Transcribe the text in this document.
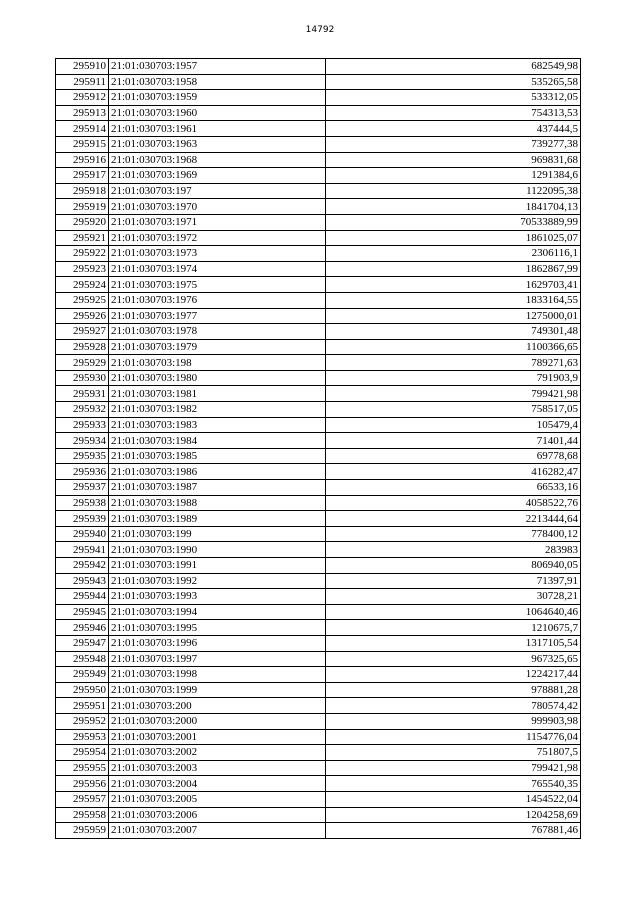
14792
295910	21:01:030703:1957	682549,98
295911	21:01:030703:1958	535265,58
295912	21:01:030703:1959	533312,05
295913	21:01:030703:1960	754313,53
295914	21:01:030703:1961	437444,5
295915	21:01:030703:1963	739277,38
295916	21:01:030703:1968	969831,68
295917	21:01:030703:1969	1291384,6
295918	21:01:030703:197	1122095,38
295919	21:01:030703:1970	1841704,13
295920	21:01:030703:1971	70533889,99
295921	21:01:030703:1972	1861025,07
295922	21:01:030703:1973	2306116,1
295923	21:01:030703:1974	1862867,99
295924	21:01:030703:1975	1629703,41
295925	21:01:030703:1976	1833164,55
295926	21:01:030703:1977	1275000,01
295927	21:01:030703:1978	749301,48
295928	21:01:030703:1979	1100366,65
295929	21:01:030703:198	789271,63
295930	21:01:030703:1980	791903,9
295931	21:01:030703:1981	799421,98
295932	21:01:030703:1982	758517,05
295933	21:01:030703:1983	105479,4
295934	21:01:030703:1984	71401,44
295935	21:01:030703:1985	69778,68
295936	21:01:030703:1986	416282,47
295937	21:01:030703:1987	66533,16
295938	21:01:030703:1988	4058522,76
295939	21:01:030703:1989	2213444,64
295940	21:01:030703:199	778400,12
295941	21:01:030703:1990	283983
295942	21:01:030703:1991	806940,05
295943	21:01:030703:1992	71397,91
295944	21:01:030703:1993	30728,21
295945	21:01:030703:1994	1064640,46
295946	21:01:030703:1995	1210675,7
295947	21:01:030703:1996	1317105,54
295948	21:01:030703:1997	967325,65
295949	21:01:030703:1998	1224217,44
295950	21:01:030703:1999	978881,28
295951	21:01:030703:200	780574,42
295952	21:01:030703:2000	999903,98
295953	21:01:030703:2001	1154776,04
295954	21:01:030703:2002	751807,5
295955	21:01:030703:2003	799421,98
295956	21:01:030703:2004	765540,35
295957	21:01:030703:2005	1454522,04
295958	21:01:030703:2006	1204258,69
295959	21:01:030703:2007	767881,46
